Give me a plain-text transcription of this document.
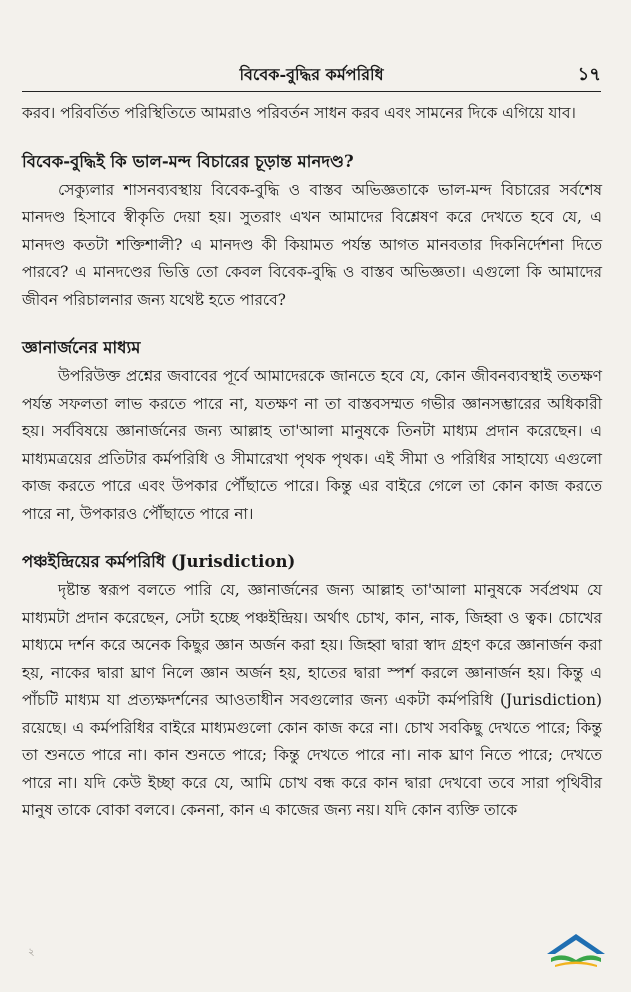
বিবেক-বুদ্ধির কর্মপরিধি	১৭

করব। পরিবর্তিত পরিস্থিতিতে আমরাও পরিবর্তন সাধন করব এবং সামনের দিকে এগিয়ে যাব।

বিবেক-বুদ্ধিই কি ভাল-মন্দ বিচারের চূড়ান্ত মানদণ্ড?

সেক্যুলার শাসনব্যবস্থায় বিবেক-বুদ্ধি ও বাস্তব অভিজ্ঞতাকে ভাল-মন্দ বিচারের সর্বশেষ মানদণ্ড হিসাবে স্বীকৃতি দেয়া হয়। সুতরাং এখন আমাদের বিশ্লেষণ করে দেখতে হবে যে, এ মানদণ্ড কতটা শক্তিশালী? এ মানদণ্ড কী কিয়ামত পর্যন্ত আগত মানবতার দিকনির্দেশনা দিতে পারবে? এ মানদণ্ডের ভিত্তি তো কেবল বিবেক-বুদ্ধি ও বাস্তব অভিজ্ঞতা। এগুলো কি আমাদের জীবন পরিচালনার জন্য যথেষ্ট হতে পারবে?

জ্ঞানার্জনের মাধ্যম

উপরিউক্ত প্রশ্নের জবাবের পূর্বে আমাদেরকে জানতে হবে যে, কোন জীবনব্যবস্থাই ততক্ষণ পর্যন্ত সফলতা লাভ করতে পারে না, যতক্ষণ না তা বাস্তবসম্মত গভীর জ্ঞানসম্ভারের অধিকারী হয়। সর্ববিষয়ে জ্ঞানার্জনের জন্য আল্লাহ তা'আলা মানুষকে তিনটা মাধ্যম প্রদান করেছেন। এ মাধ্যমত্রয়ের প্রতিটার কর্মপরিধি ও সীমারেখা পৃথক পৃথক। এই সীমা ও পরিধির সাহায্যে এগুলো কাজ করতে পারে এবং উপকার পৌঁছাতে পারে। কিন্তু এর বাইরে গেলে তা কোন কাজ করতে পারে না, উপকারও পৌঁছাতে পারে না।

পঞ্চইন্দ্রিয়ের কর্মপরিধি (Jurisdiction)

দৃষ্টান্ত স্বরূপ বলতে পারি যে, জ্ঞানার্জনের জন্য আল্লাহ তা'আলা মানুষকে সর্বপ্রথম যে মাধ্যমটা প্রদান করেছেন, সেটা হচ্ছে পঞ্চইন্দ্রিয়। অর্থাৎ চোখ, কান, নাক, জিহ্বা ও ত্বক। চোখের মাধ্যমে দর্শন করে অনেক কিছুর জ্ঞান অর্জন করা হয়। জিহ্বা দ্বারা স্বাদ গ্রহণ করে জ্ঞানার্জন করা হয়, নাকের দ্বারা ঘ্রাণ নিলে জ্ঞান অর্জন হয়, হাতের দ্বারা স্পর্শ করলে জ্ঞানার্জন হয়। কিন্তু এ পাঁচটি মাধ্যম যা প্রত্যক্ষদর্শনের আওতাধীন সবগুলোর জন্য একটা কর্মপরিধি (Jurisdiction) রয়েছে। এ কর্মপরিধির বাইরে মাধ্যমগুলো কোন কাজ করে না। চোখ সবকিছু দেখতে পারে; কিন্তু তা শুনতে পারে না। কান শুনতে পারে; কিন্তু দেখতে পারে না। নাক ঘ্রাণ নিতে পারে; দেখতে পারে না। যদি কেউ ইচ্ছা করে যে, আমি চোখ বন্ধ করে কান দ্বারা দেখবো তবে সারা পৃথিবীর মানুষ তাকে বোকা বলবে। কেননা, কান এ কাজের জন্য নয়। যদি কোন ব্যক্তি তাকে

২
